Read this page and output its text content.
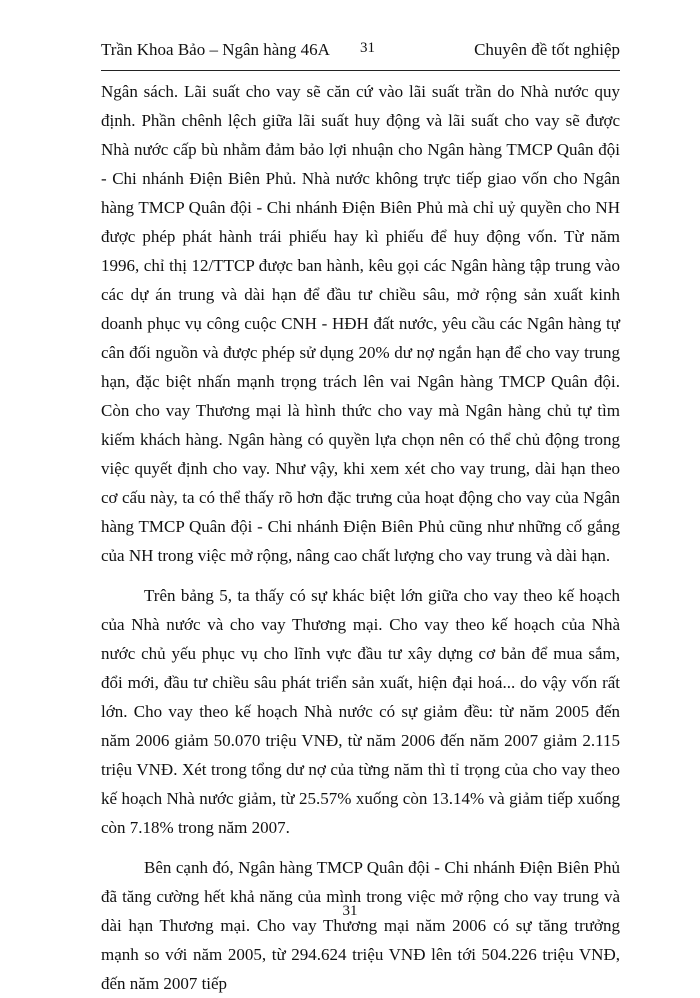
Trần Khoa Bảo – Ngân hàng 46A 31	Chuyên đề tốt nghiệp

Ngân sách. Lãi suất cho vay sẽ căn cứ vào lãi suất trần do Nhà nước quy định. Phần chênh lệch giữa lãi suất huy động và lãi suất cho vay sẽ được Nhà nước cấp bù nhằm đảm bảo lợi nhuận cho Ngân hàng TMCP Quân đội - Chi nhánh Điện Biên Phủ. Nhà nước không trực tiếp giao vốn cho Ngân hàng TMCP Quân đội - Chi nhánh Điện Biên Phủ mà chỉ uỷ quyền cho NH được phép phát hành trái phiếu hay kì phiếu để huy động vốn. Từ năm 1996, chỉ thị 12/TTCP được ban hành, kêu gọi các Ngân hàng tập trung vào các dự án trung và dài hạn để đầu tư chiều sâu, mở rộng sản xuất kinh doanh phục vụ công cuộc CNH - HĐH đất nước, yêu cầu các Ngân hàng tự cân đối nguồn và được phép sử dụng 20% dư nợ ngắn hạn để cho vay trung hạn, đặc biệt nhấn mạnh trọng trách lên vai Ngân hàng TMCP Quân đội. Còn cho vay Thương mại là hình thức cho vay mà Ngân hàng chủ tự tìm kiếm khách hàng. Ngân hàng có quyền lựa chọn nên có thể chủ động trong việc quyết định cho vay. Như vậy, khi xem xét cho vay trung, dài hạn theo cơ cấu này, ta có thể thấy rõ hơn đặc trưng của hoạt động cho vay của Ngân hàng TMCP Quân đội - Chi nhánh Điện Biên Phủ cũng như những cố gắng của NH trong việc mở rộng, nâng cao chất lượng cho vay trung và dài hạn.

Trên bảng 5, ta thấy có sự khác biệt lớn giữa cho vay theo kế hoạch của Nhà nước và cho vay Thương mại. Cho vay theo kế hoạch của Nhà nước chủ yếu phục vụ cho lĩnh vực đầu tư xây dựng cơ bản để mua sắm, đổi mới, đầu tư chiều sâu phát triển sản xuất, hiện đại hoá... do vậy vốn rất lớn. Cho vay theo kế hoạch Nhà nước có sự giảm đều: từ năm 2005 đến năm 2006 giảm 50.070 triệu VNĐ, từ năm 2006 đến năm 2007 giảm 2.115 triệu VNĐ. Xét trong tổng dư nợ của từng năm thì tỉ trọng của cho vay theo kế hoạch Nhà nước giảm, từ 25.57% xuống còn 13.14% và giảm tiếp xuống còn 7.18% trong năm 2007.

Bên cạnh đó, Ngân hàng TMCP Quân đội - Chi nhánh Điện Biên Phủ đã tăng cường hết khả năng của mình trong việc mở rộng cho vay trung và dài hạn Thương mại. Cho vay Thương mại năm 2006 có sự tăng trưởng mạnh so với năm 2005, từ 294.624 triệu VNĐ lên tới 504.226 triệu VNĐ, đến năm 2007 tiếp

31
